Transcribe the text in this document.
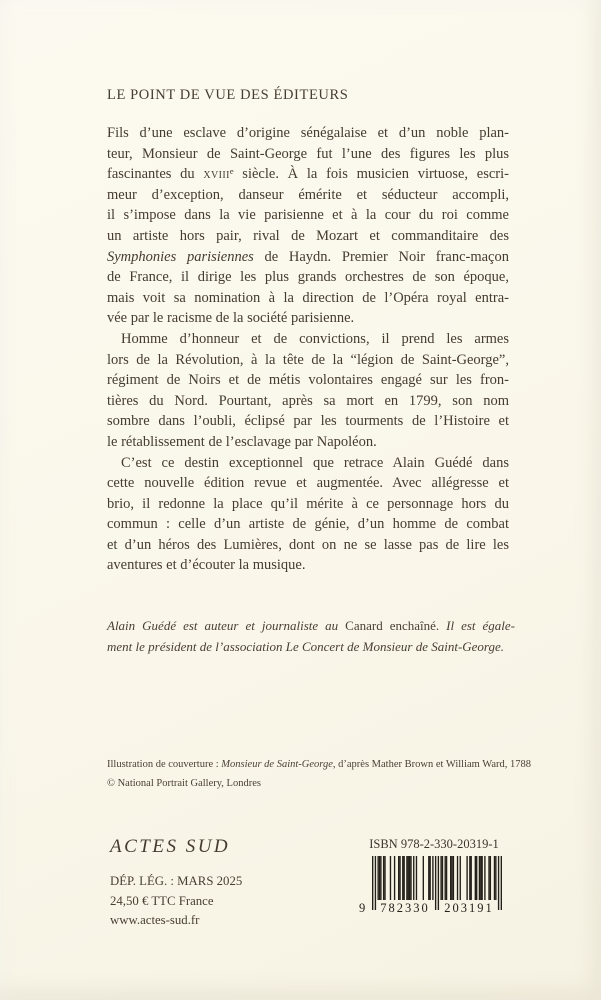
LE POINT DE VUE DES ÉDITEURS
Fils d’une esclave d’origine sénégalaise et d’un noble plan-
teur, Monsieur de Saint-George fut l’une des figures les plus
fascinantes du xviiiᵉ siècle. À la fois musicien virtuose, escri-
meur d’exception, danseur émérite et séducteur accompli,
il s’impose dans la vie parisienne et à la cour du roi comme
un artiste hors pair, rival de Mozart et commanditaire des
Symphonies parisiennes de Haydn. Premier Noir franc-maçon
de France, il dirige les plus grands orchestres de son époque,
mais voit sa nomination à la direction de l’Opéra royal entra-
vée par le racisme de la société parisienne.
Homme d’honneur et de convictions, il prend les armes
lors de la Révolution, à la tête de la “légion de Saint-George”,
régiment de Noirs et de métis volontaires engagé sur les fron-
tières du Nord. Pourtant, après sa mort en 1799, son nom
sombre dans l’oubli, éclipsé par les tourments de l’Histoire et
le rétablissement de l’esclavage par Napoléon.
C’est ce destin exceptionnel que retrace Alain Guédé dans
cette nouvelle édition revue et augmentée. Avec allégresse et
brio, il redonne la place qu’il mérite à ce personnage hors du
commun : celle d’un artiste de génie, d’un homme de combat
et d’un héros des Lumières, dont on ne se lasse pas de lire les
aventures et d’écouter la musique.
Alain Guédé est auteur et journaliste au Canard enchaîné. Il est égale-
ment le président de l’association Le Concert de Monsieur de Saint-George.
Illustration de couverture : Monsieur de Saint-George, d’après Mather Brown et William Ward, 1788
© National Portrait Gallery, Londres
ACTES SUD
DÉP. LÉG. : MARS 2025
24,50 € TTC France
www.actes-sud.fr
ISBN 978-2-330-20319-1
9 782330 203191
